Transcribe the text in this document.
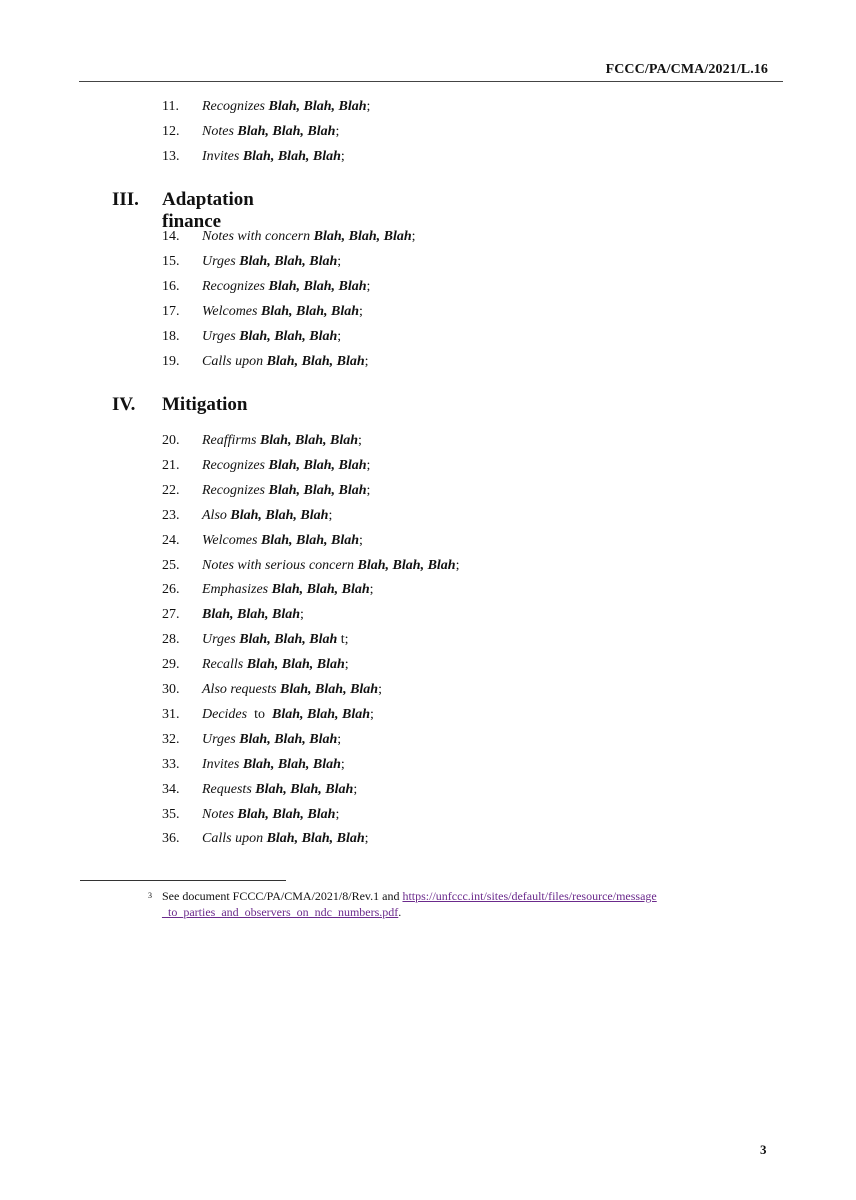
FCCC/PA/CMA/2021/L.16
11. Recognizes Blah, Blah, Blah;
12. Notes Blah, Blah, Blah;
13. Invites Blah, Blah, Blah;
III. Adaptation finance
14. Notes with concern Blah, Blah, Blah;
15. Urges Blah, Blah, Blah;
16. Recognizes Blah, Blah, Blah;
17. Welcomes Blah, Blah, Blah;
18. Urges Blah, Blah, Blah;
19. Calls upon Blah, Blah, Blah;
IV. Mitigation
20. Reaffirms Blah, Blah, Blah;
21. Recognizes Blah, Blah, Blah;
22. Recognizes Blah, Blah, Blah;
23. Also Blah, Blah, Blah;
24. Welcomes Blah, Blah, Blah;
25. Notes with serious concern Blah, Blah, Blah;
26. Emphasizes Blah, Blah, Blah;
27. Blah, Blah, Blah;
28. Urges Blah, Blah, Blah t;
29. Recalls Blah, Blah, Blah;
30. Also requests Blah, Blah, Blah;
31. Decides  to  Blah, Blah, Blah;
32. Urges Blah, Blah, Blah;
33. Invites Blah, Blah, Blah;
34. Requests Blah, Blah, Blah;
35. Notes Blah, Blah, Blah;
36. Calls upon Blah, Blah, Blah;
$^3$ See document FCCC/PA/CMA/2021/8/Rev.1 and https://unfccc.int/sites/default/files/resource/message
_to_parties_and_observers_on_ndc_numbers.pdf.
3
